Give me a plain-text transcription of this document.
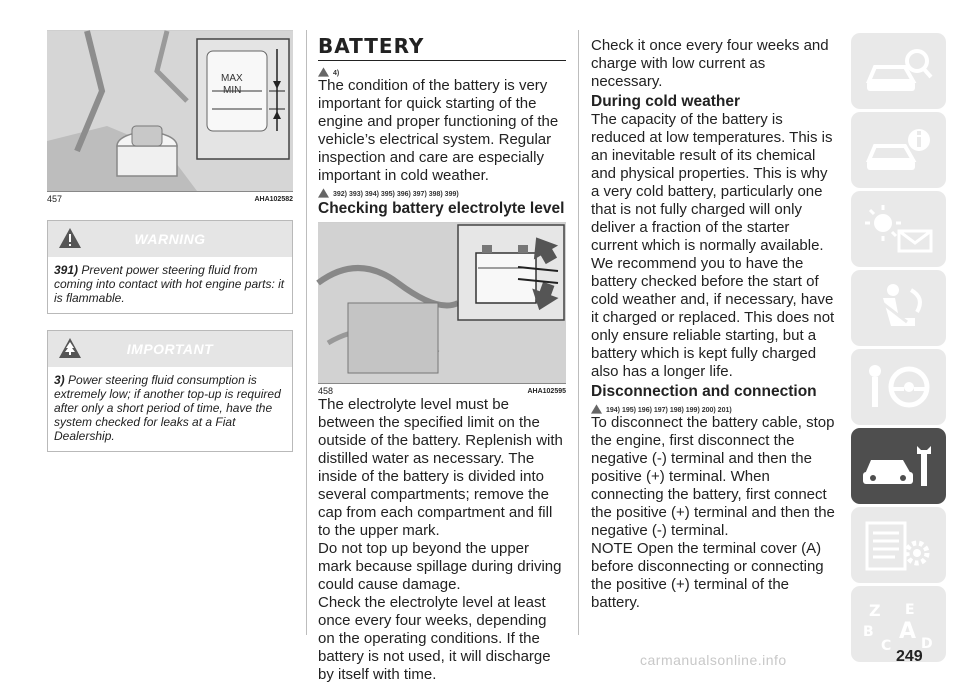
MAX
MIN
457	AHA102582
WARNING
391) Prevent power steering fluid from coming into contact with hot engine parts: it is flammable.
IMPORTANT
3) Power steering fluid consumption is extremely low; if another top-up is required after only a short period of time, have the system checked for leaks at a Fiat Dealership.
BATTERY
4)

The condition of the battery is very important for quick starting of the engine and proper functioning of the vehicle’s electrical system. Regular inspection and care are especially important in cold weather.

392) 393) 394) 395) 396) 397) 398) 399)
Checking battery electrolyte level
458	AHA102595

The electrolyte level must be between the specified limit on the outside of the battery. Replenish with distilled water as necessary. The inside of the battery is divided into several compartments; remove the cap from each compartment and fill to the upper mark.

Do not top up beyond the upper mark because spillage during driving could cause damage.

Check the electrolyte level at least once every four weeks, depending on the operating conditions. If the battery is not used, it will discharge by itself with time.

Check it once every four weeks and charge with low current as necessary.

During cold weather

The capacity of the battery is reduced at low temperatures. This is an inevitable result of its chemical and physical properties. This is why a very cold battery, particularly one that is not fully charged will only deliver a fraction of the starter current which is normally available.

We recommend you to have the battery checked before the start of cold weather and, if necessary, have it charged or replaced. This does not only ensure reliable starting, but a battery which is kept fully charged also has a longer life.

Disconnection and connection
194) 195) 196) 197) 198) 199) 200) 201)

To disconnect the battery cable, stop the engine, first disconnect the negative (-) terminal and then the positive (+) terminal. When connecting the battery, first connect the positive (+) terminal and then the negative (-) terminal.

NOTE Open the terminal cover (A) before disconnecting or connecting the positive (+) terminal of the battery.	Z E
B A
C D
249
carmanualsonline.info
